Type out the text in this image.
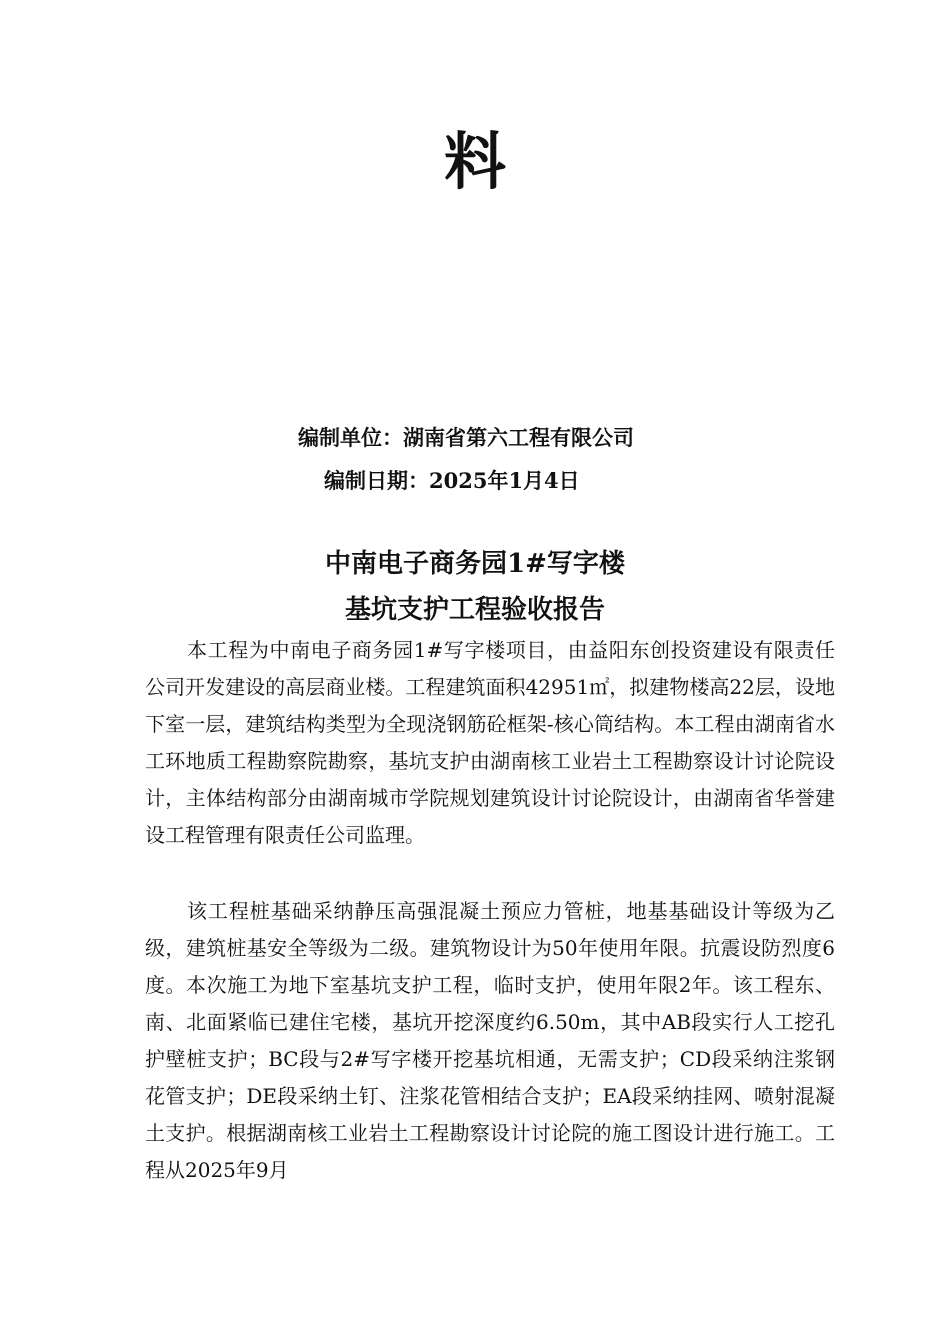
料
编制单位：湖南省第六工程有限公司
编制日期：2025年1月4日
中南电子商务园1#写字楼
基坑支护工程验收报告

本工程为中南电子商务园1#写字楼项目，由益阳东创投资建设有限责任公司开发建设的高层商业楼。工程建筑面积42951㎡，拟建物楼高22层，设地下室一层，建筑结构类型为全现浇钢筋砼框架-核心筒结构。本工程由湖南省水工环地质工程勘察院勘察，基坑支护由湖南核工业岩土工程勘察设计讨论院设计，主体结构部分由湖南城市学院规划建筑设计讨论院设计，由湖南省华誉建设工程管理有限责任公司监理。

该工程桩基础采纳静压高强混凝土预应力管桩，地基基础设计等级为乙级，建筑桩基安全等级为二级。建筑物设计为50年使用年限。抗震设防烈度6度。本次施工为地下室基坑支护工程，临时支护，使用年限2年。该工程东、南、北面紧临已建住宅楼，基坑开挖深度约6.50m，其中AB段实行人工挖孔护壁桩支护；BC段与2#写字楼开挖基坑相通，无需支护；CD段采纳注浆钢花管支护；DE段采纳土钉、注浆花管相结合支护；EA段采纳挂网、喷射混凝土支护。根据湖南核工业岩土工程勘察设计讨论院的施工图设计进行施工。工程从2025年9月
